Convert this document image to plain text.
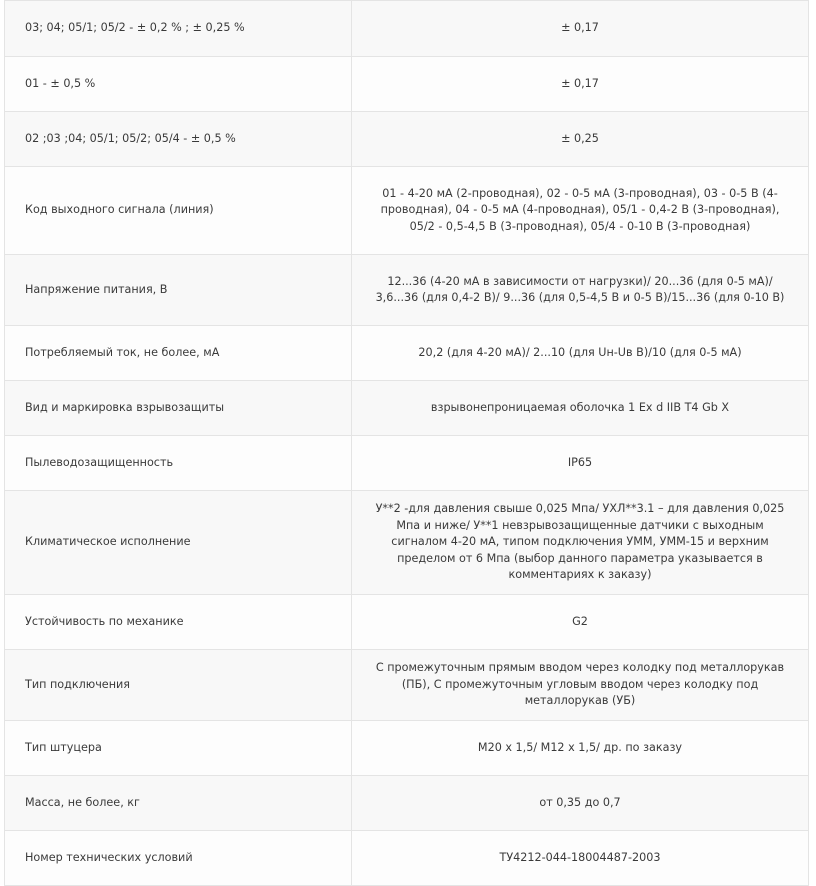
03; 04; 05/1; 05/2 - ± 0,2 % ; ± 0,25 %	± 0,17
01 - ± 0,5 %	± 0,17
02 ;03 ;04; 05/1; 05/2; 05/4 - ± 0,5 %	± 0,25
Код выходного сигнала (линия)	01 - 4-20 мА (2-проводная), 02 - 0-5 мА (3-проводная), 03 - 0-5 В (4-проводная), 04 - 0-5 мА (4-проводная), 05/1 - 0,4-2 В (3-проводная), 05/2 - 0,5-4,5 В (3-проводная), 05/4 - 0-10 В (3-проводная)
Напряжение питания, В	12...36 (4-20 мА в зависимости от нагрузки)/ 20...36 (для 0-5 мА)/ 3,6...36 (для 0,4-2 В)/ 9...36 (для 0,5-4,5 В и 0-5 В)/15...36 (для 0-10 В)
Потребляемый ток, не более, мА	20,2 (для 4-20 мА)/ 2...10 (для Uн-Uв В)/10 (для 0-5 мА)
Вид и маркировка взрывозащиты	взрывонепроницаемая оболочка 1 Ex d IIB T4 Gb X
Пылеводозащищенность	IP65
Климатическое исполнение	У**2 -для давления свыше 0,025 Мпа/ УХЛ**3.1 – для давления 0,025 Мпа и ниже/ У**1 невзрывозащищенные датчики с выходным сигналом 4-20 мА, типом подключения УММ, УММ-15 и верхним пределом от 6 Мпа (выбор данного параметра указывается в комментариях к заказу)
Устойчивость по механике	G2
Тип подключения	С промежуточным прямым вводом через колодку под металлорукав (ПБ), С промежуточным угловым вводом через колодку под металлорукав (УБ)
Тип штуцера	М20 х 1,5/ М12 х 1,5/ др. по заказу
Масса, не более, кг	от 0,35 до 0,7
Номер технических условий	ТУ4212-044-18004487-2003
